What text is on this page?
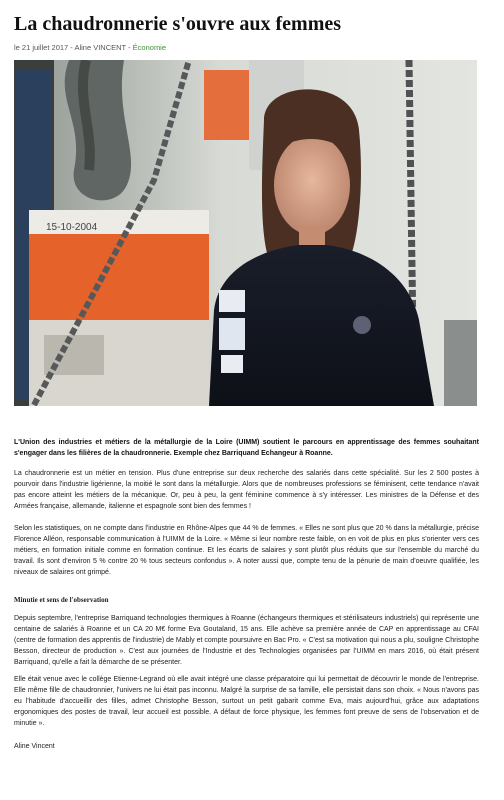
La chaudronnerie s'ouvre aux femmes
le 21 juillet 2017 - Aline VINCENT - Économie
15-10-2004

L'Union des industries et métiers de la métallurgie de la Loire (UIMM) soutient le parcours en apprentissage des femmes souhaitant s'engager dans les filières de la chaudronnerie. Exemple chez Barriquand Echangeur à Roanne.

La chaudronnerie est un métier en tension. Plus d'une entreprise sur deux recherche des salariés dans cette spécialité. Sur les 2 500 postes à pourvoir dans l'industrie ligérienne, la moitié le sont dans la métallurgie. Alors que de nombreuses professions se féminisent, cette tendance n'avait pas encore atteint les métiers de la mécanique. Or, peu à peu, la gent féminine commence à s'y intéresser. Les ministres de la Défense et des Armées française, allemande, italienne et espagnole sont bien des femmes !

Selon les statistiques, on ne compte dans l'industrie en Rhône-Alpes que 44 % de femmes. « Elles ne sont plus que 20 % dans la métallurgie, précise Florence Alléon, responsable communication à l'UIMM de la Loire. « Même si leur nombre reste faible, on en voit de plus en plus s'orienter vers ces métiers, en formation initiale comme en formation continue. Et les écarts de salaires y sont plutôt plus réduits que sur l'ensemble du marché du travail. Ils sont d'environ 5 % contre 20 % tous secteurs confondus ». A noter aussi que, compte tenu de la pénurie de main d'oeuvre qualifiée, les niveaux de salaires ont grimpé.

Minutie et sens de l'observation

Depuis septembre, l'entreprise Barriquand technologies thermiques à Roanne (échangeurs thermiques et stérilisateurs industriels) qui représente une centaine de salariés à Roanne et un CA 20 M€ forme Eva Goutaland, 15 ans. Elle achève sa première année de CAP en apprentissage au CFAI (centre de formation des apprentis de l'industrie) de Mably et compte poursuivre en Bac Pro. « C'est sa motivation qui nous a plu, souligne Christophe Besson, directeur de production ». C'est aux journées de l'Industrie et des Technologies organisées par l'UIMM en mars 2016, où était présent Barriquand, qu'elle a fait la démarche de se présenter.

Elle était venue avec le collège Etienne-Legrand où elle avait intégré une classe préparatoire qui lui permettait de découvrir le monde de l'entreprise. Elle même fille de chaudronnier, l'univers ne lui était pas inconnu. Malgré la surprise de sa famille, elle persistait dans son choix. « Nous n'avons pas eu l'habitude d'accueillir des filles, admet Christophe Besson, surtout un petit gabarit comme Eva, mais aujourd'hui, grâce aux adaptations ergonomiques des postes de travail, leur accueil est possible. A défaut de force physique, les femmes font preuve de sens de l'observation et de minutie ».

Aline Vincent
